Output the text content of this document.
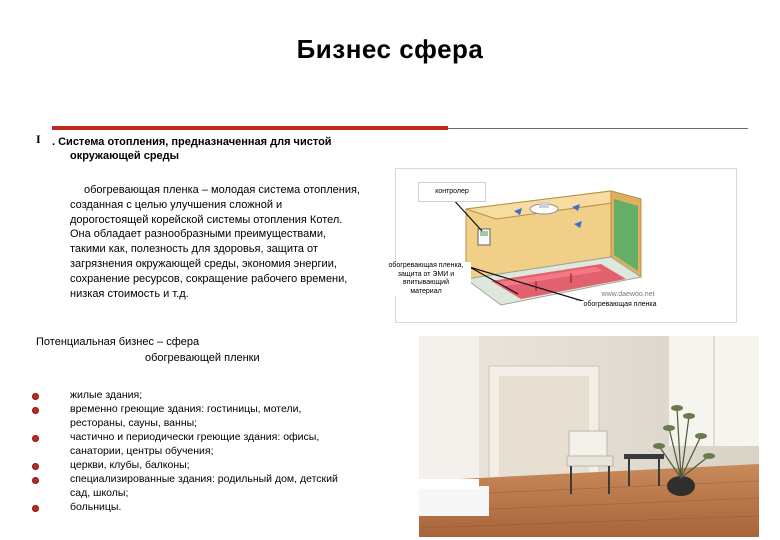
Бизнес сфера
I . Система отопления, предназначенная для чистой
окружающей среды
обогревающая пленка – молодая система отопления,
созданная с целью улучшения сложной и
дорогостоящей корейской системы отопления Котел.
Она обладает разнообразными преимуществами,
такими как, полезность для здоровья, защита от
загрязнения окружающей среды, экономия энергии,
сохранение ресурсов, сокращение рабочего времени,
низкая стоимость и т.д.
контролер
обогревающая пленка,
защита от ЭМИ и
впитывающий
материал	www.daewoo.net
обогревающая пленка
Потенциальная бизнес – сфера
обогревающей пленки
жилые здания;
временно греющие здания: гостиницы, мотели,
рестораны, сауны, ванны;
частично и периодически греющие здания: офисы,
санатории, центры обучения;
церкви, клубы, балконы;
специализированные здания: родильный дом, детский
сад, школы;
больницы.
